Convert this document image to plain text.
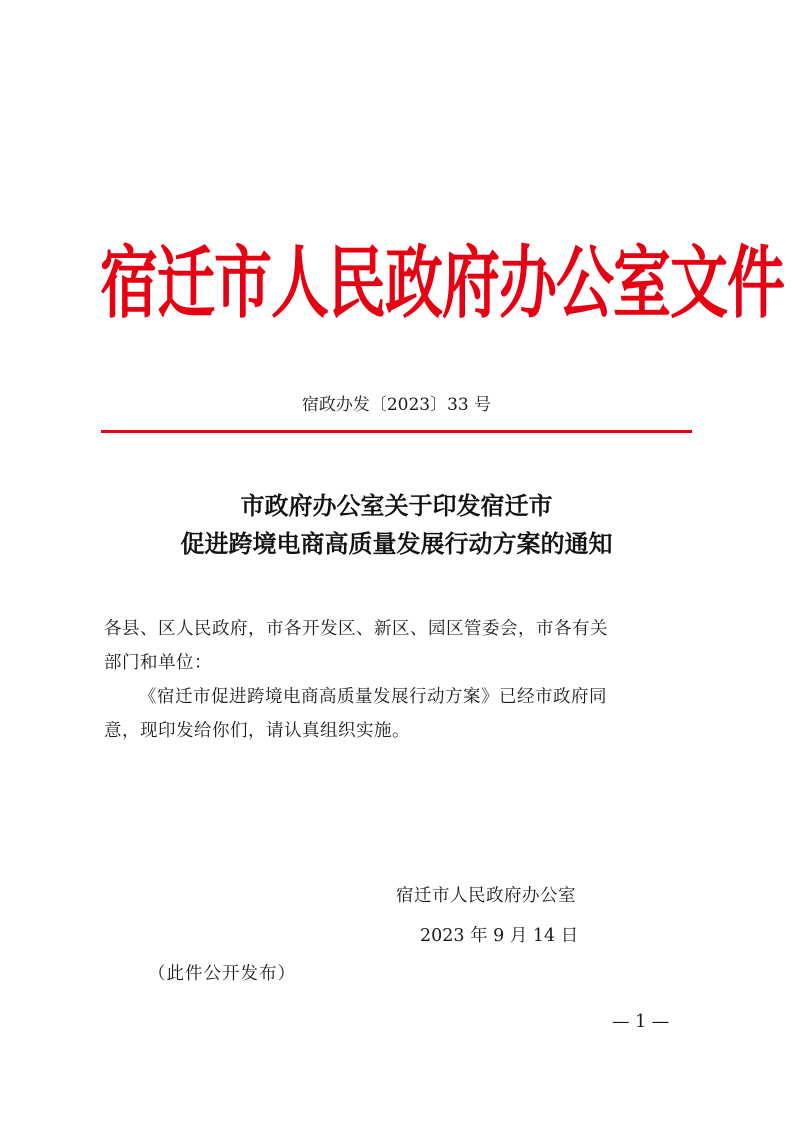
宿迁市人民政府办公室文件
宿政办发〔2023〕33 号
市政府办公室关于印发宿迁市
促进跨境电商高质量发展行动方案的通知

各县、区人民政府，市各开发区、新区、园区管委会，市各有关

部门和单位：

《宿迁市促进跨境电商高质量发展行动方案》已经市政府同

意，现印发给你们，请认真组织实施。

宿迁市人民政府办公室
2023 年 9 月 14 日
（此件公开发布）
— 1 —
